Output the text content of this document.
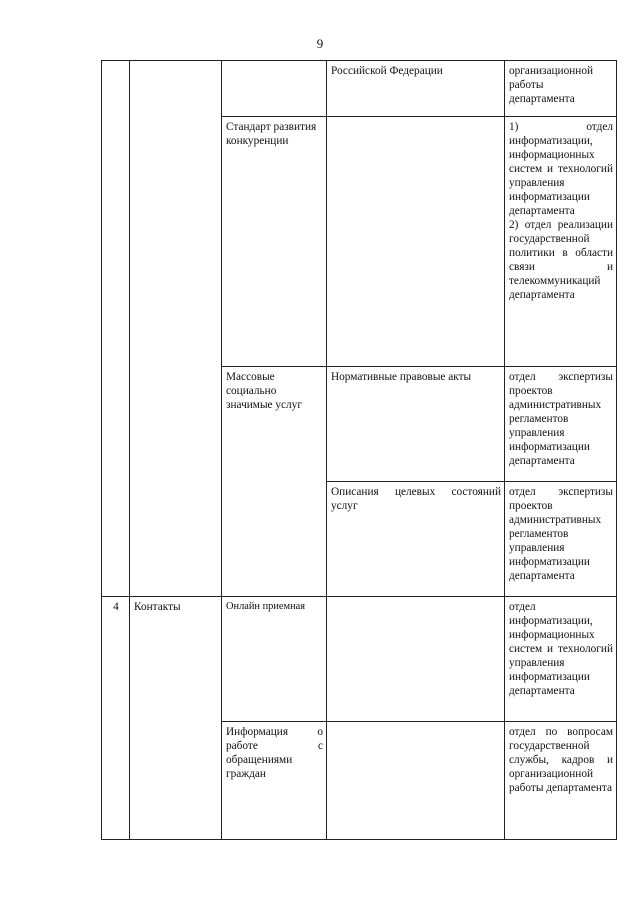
9
			Российской Федерации	организационной
работы
департамента

		Стандарт развития конкуренции		1) отдел информатизации, информационных систем и технологий управления информатизации департамента
2) отдел реализации государственной политики в области связи и телекоммуникаций департамента

		Массовые социально значимые услуг	Нормативные правовые акты	отдел экспертизы проектов административных регламентов управления информатизации департамента

			Описания целевых состояний услуг	отдел экспертизы проектов административных регламентов управления информатизации департамента

4	Контакты	Онлайн приемная		отдел информатизации, информационных систем и технологий управления информатизации департамента

		Информация о работе с обращениями граждан		отдел по вопросам государственной службы, кадров и организационной работы департамента
